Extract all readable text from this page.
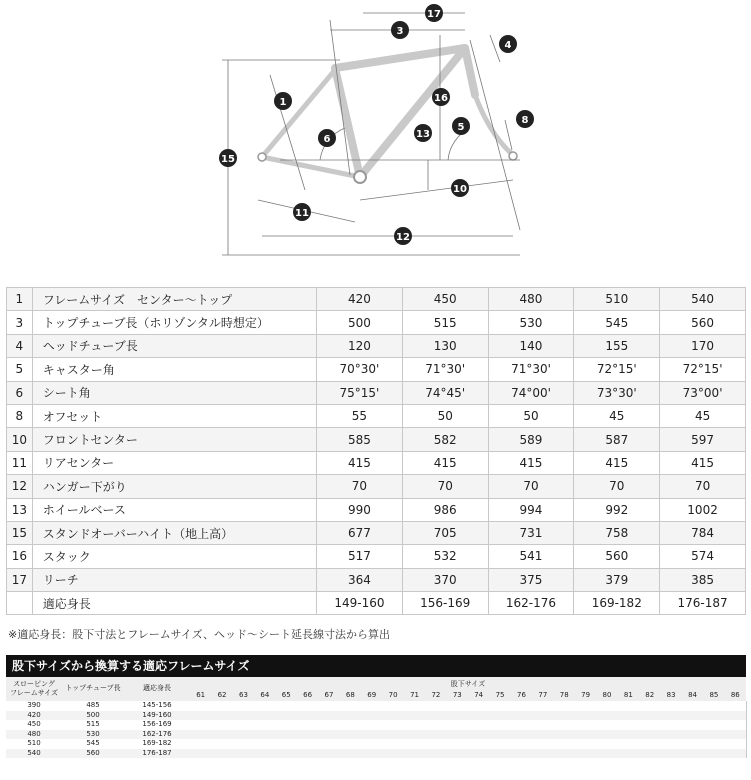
17
3
4
1	16
8
5
6	13
15
10
11
12
1	フレームサイズ　センター～トップ	420	450	480	510	540
3	トップチューブ長（ホリゾンタル時想定）	500	515	530	545	560
4	ヘッドチューブ長	120	130	140	155	170
5	キャスター角	70°30'	71°30'	71°30'	72°15'	72°15'
6	シート角	75°15'	74°45'	74°00'	73°30'	73°00'
8	オフセット	55	50	50	45	45
10	フロントセンター	585	582	589	587	597
11	リアセンター	415	415	415	415	415
12	ハンガー下がり	70	70	70	70	70
13	ホイールベース	990	986	994	992	1002
15	スタンドオーバーハイト（地上高）	677	705	731	758	784
16	スタック	517	532	541	560	574
17	リーチ	364	370	375	379	385
	適応身長	149-160	156-169	162-176	169-182	176-187
※適応身長：股下寸法とフレームサイズ、ヘッド～シート延長線寸法から算出
股下サイズから換算する適応フレームサイズ
スローピング
フレームサイズ
トップチューブ長	適応身長	股下サイズ
61	62	63	64	65	66	67	68	69	70	71	72	73	74	75	76	77	78	79	80	81	82	83	84	85	86
390	485	145-156
420	500	149-160
450	515	156-169
480	530	162-176
510	545	169-182
540	560	176-187
